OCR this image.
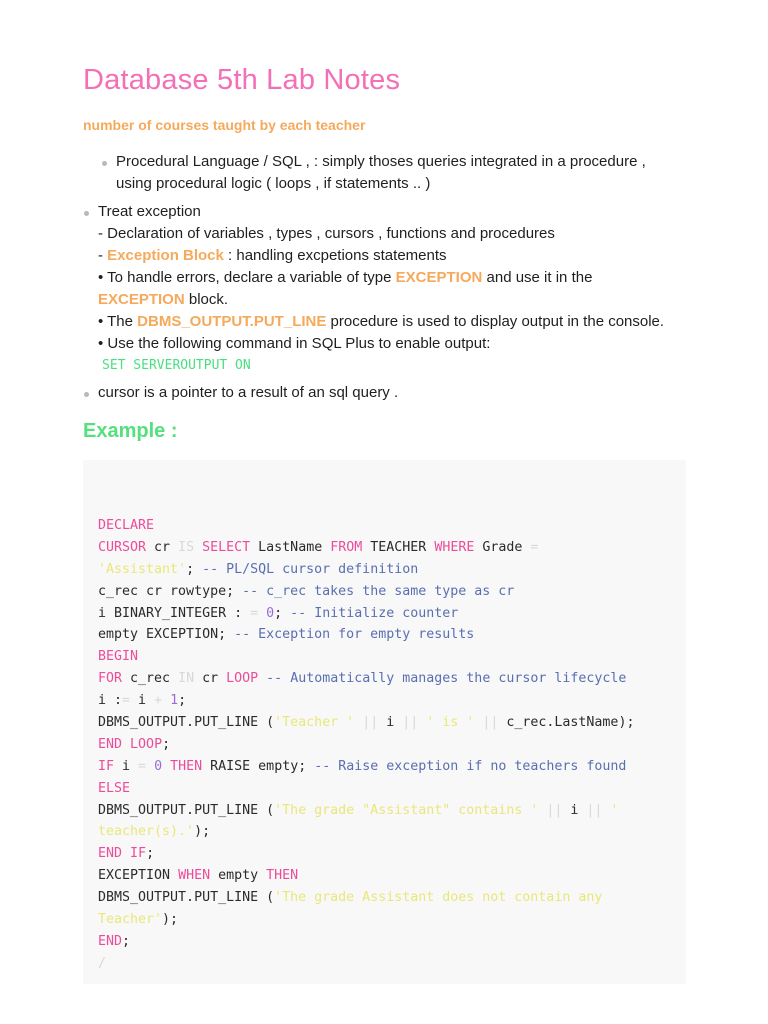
Database 5th Lab Notes

number of courses taught by each teacher

Procedural Language / SQL , : simply thoses queries integrated in a procedure ,
using procedural logic ( loops , if statements .. )
Treat exception
- Declaration of variables , types , cursors , functions and procedures
- Exception Block : handling excpetions statements
• To handle errors, declare a variable of type EXCEPTION and use it in the
EXCEPTION block.
• The DBMS_OUTPUT.PUT_LINE procedure is used to display output in the console.
• Use the following command in SQL Plus to enable output:
SET SERVEROUTPUT ON
cursor is a pointer to a result of an sql query .
Example :
DECLARE
CURSOR cr IS SELECT LastName FROM TEACHER WHERE Grade =
'Assistant'; -- PL/SQL cursor definition
c_rec cr rowtype; -- c_rec takes the same type as cr
i BINARY_INTEGER : = 0; -- Initialize counter
empty EXCEPTION; -- Exception for empty results
BEGIN
FOR c_rec IN cr LOOP -- Automatically manages the cursor lifecycle
i := i + 1;
DBMS_OUTPUT.PUT_LINE ('Teacher ' || i || ' is ' || c_rec.LastName);
END LOOP;
IF i = 0 THEN RAISE empty; -- Raise exception if no teachers found
ELSE
DBMS_OUTPUT.PUT_LINE ('The grade "Assistant" contains ' || i || '
teacher(s).');
END IF;
EXCEPTION WHEN empty THEN
DBMS_OUTPUT.PUT_LINE ('The grade Assistant does not contain any
Teacher');
END;
/
